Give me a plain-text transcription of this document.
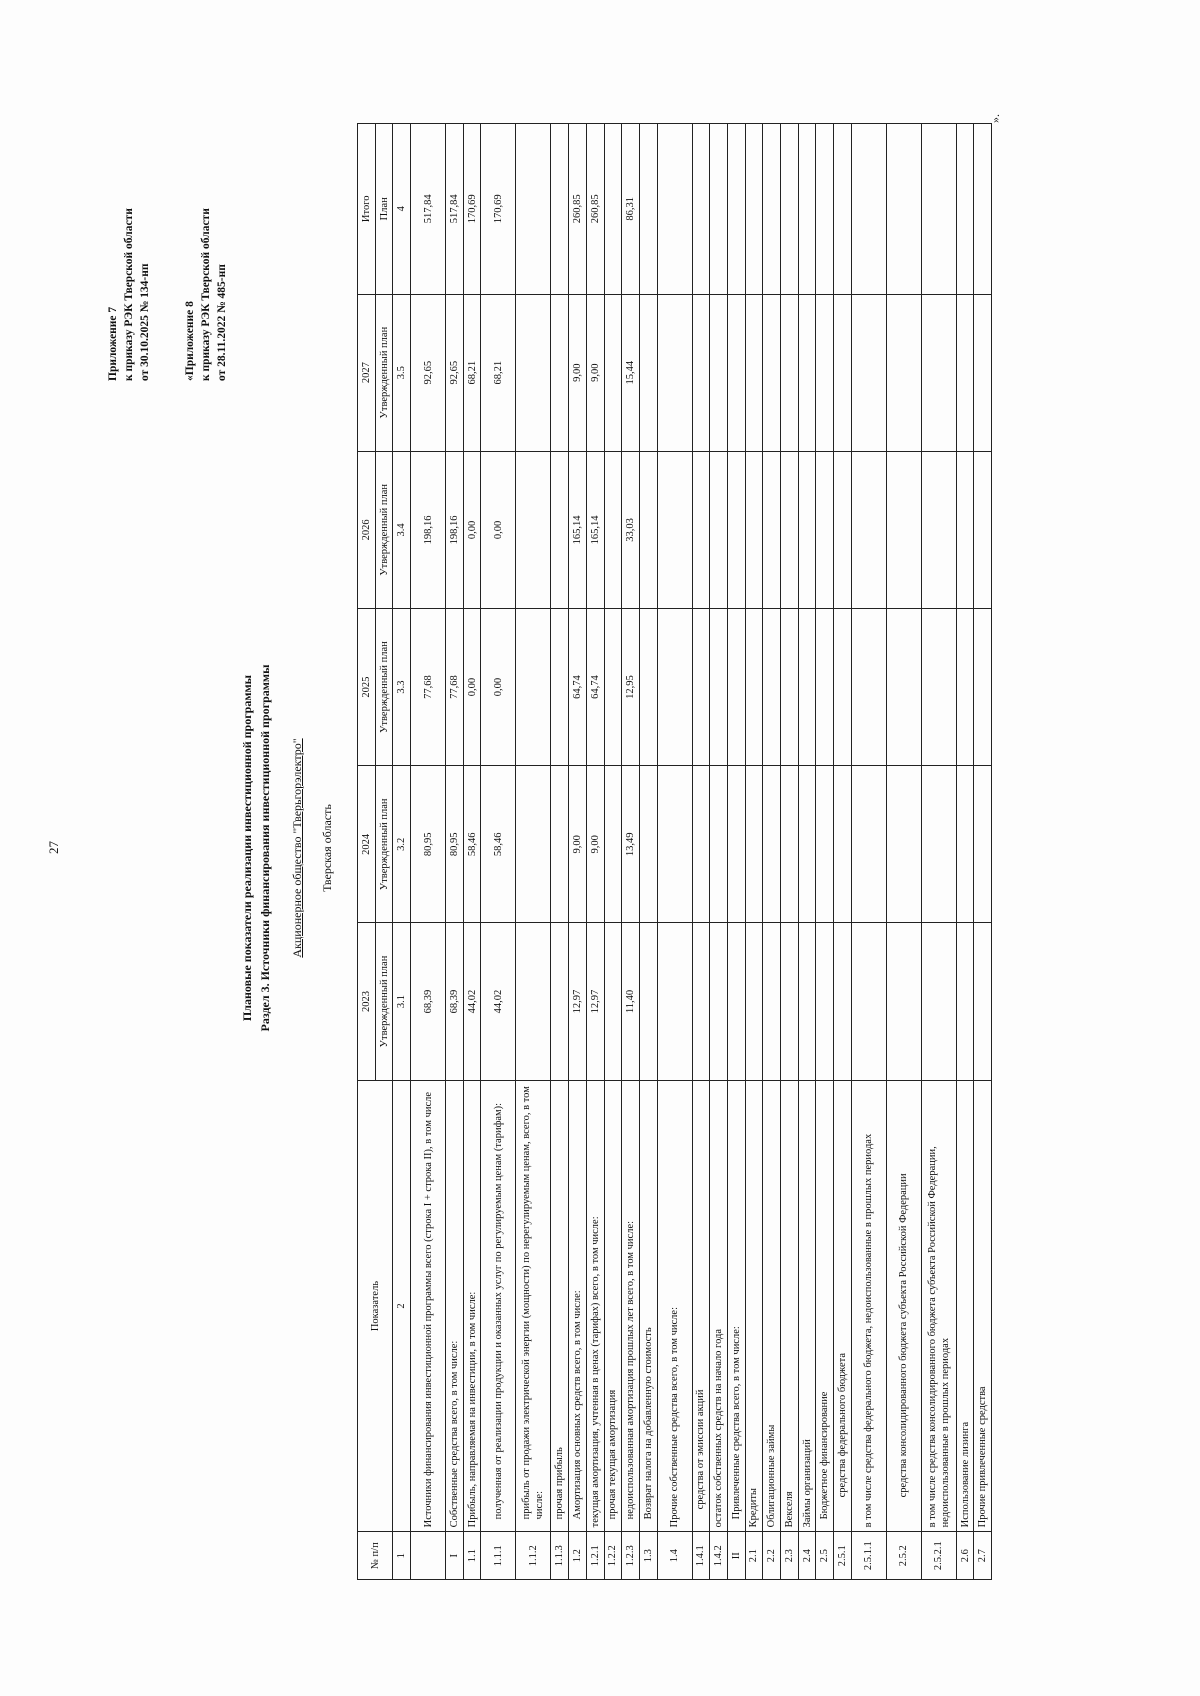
27
Приложение 7 к приказу РЭК Тверской области от 30.10.2025 № 134-нп	«Приложение 8 к приказу РЭК Тверской области от 28.11.2022 № 485-нп
Плановые показатели реализации инвестиционной программы Раздел 3. Источники финансирования инвестиционной программы Акционерное общество "Тверьгорэлектро" Тверская область
№ п/п	Показатель	2023	2024	2025	2026	2027	Итого
		Утвержденный план	Утвержденный план	Утвержденный план	Утвержденный план	Утвержденный план	План
1	2	3.1	3.2	3.3	3.4	3.5	4
	Источники финансирования инвестиционной программы всего (строка I + строка II), в том числе	68,39	80,95	77,68	198,16	92,65	517,84
I	Собственные средства всего, в том числе:	68,39	80,95	77,68	198,16	92,65	517,84
1.1	Прибыль, направляемая на инвестиции, в том числе:	44,02	58,46	0,00	0,00	68,21	170,69
1.1.1	полученная от реализации продукции и оказанных услуг по регулируемым ценам (тарифам):	44,02	58,46	0,00	0,00	68,21	170,69
1.1.2	прибыль от продажи электрической энергии (мощности) по нерегулируемым ценам, всего, в том числе:						
1.1.3	прочая прибыль						
1.2	Амортизация основных средств всего, в том числе:	12,97	9,00	64,74	165,14	9,00	260,85
1.2.1	текущая амортизация, учтенная в ценах (тарифах) всего, в том числе:	12,97	9,00	64,74	165,14	9,00	260,85
1.2.2	прочая текущая амортизация						
1.2.3	недоиспользованная амортизация прошлых лет всего, в том числе:	11,40	13,49	12,95	33,03	15,44	86,31
1.3	Возврат налога на добавленную стоимость						
1.4	Прочие собственные средства всего, в том числе:						
1.4.1	средства от эмиссии акций						
1.4.2	остаток собственных средств на начало года						
II	Привлеченные средства всего, в том числе:						
2.1	Кредиты						
2.2	Облигационные займы						
2.3	Векселя						
2.4	Займы организаций						
2.5	Бюджетное финансирование						
2.5.1	средства федерального бюджета						
2.5.1.1	в том числе средства федерального бюджета, недоиспользованные в прошлых периодах						
2.5.2	средства консолидированного бюджета субъекта Российской Федерации						
2.5.2.1	в том числе средства консолидированного бюджета субъекта Российской Федерации, недоиспользованные в прошлых периодах						
2.6	Использование лизинга						
2.7	Прочие привлеченные средства						
».
